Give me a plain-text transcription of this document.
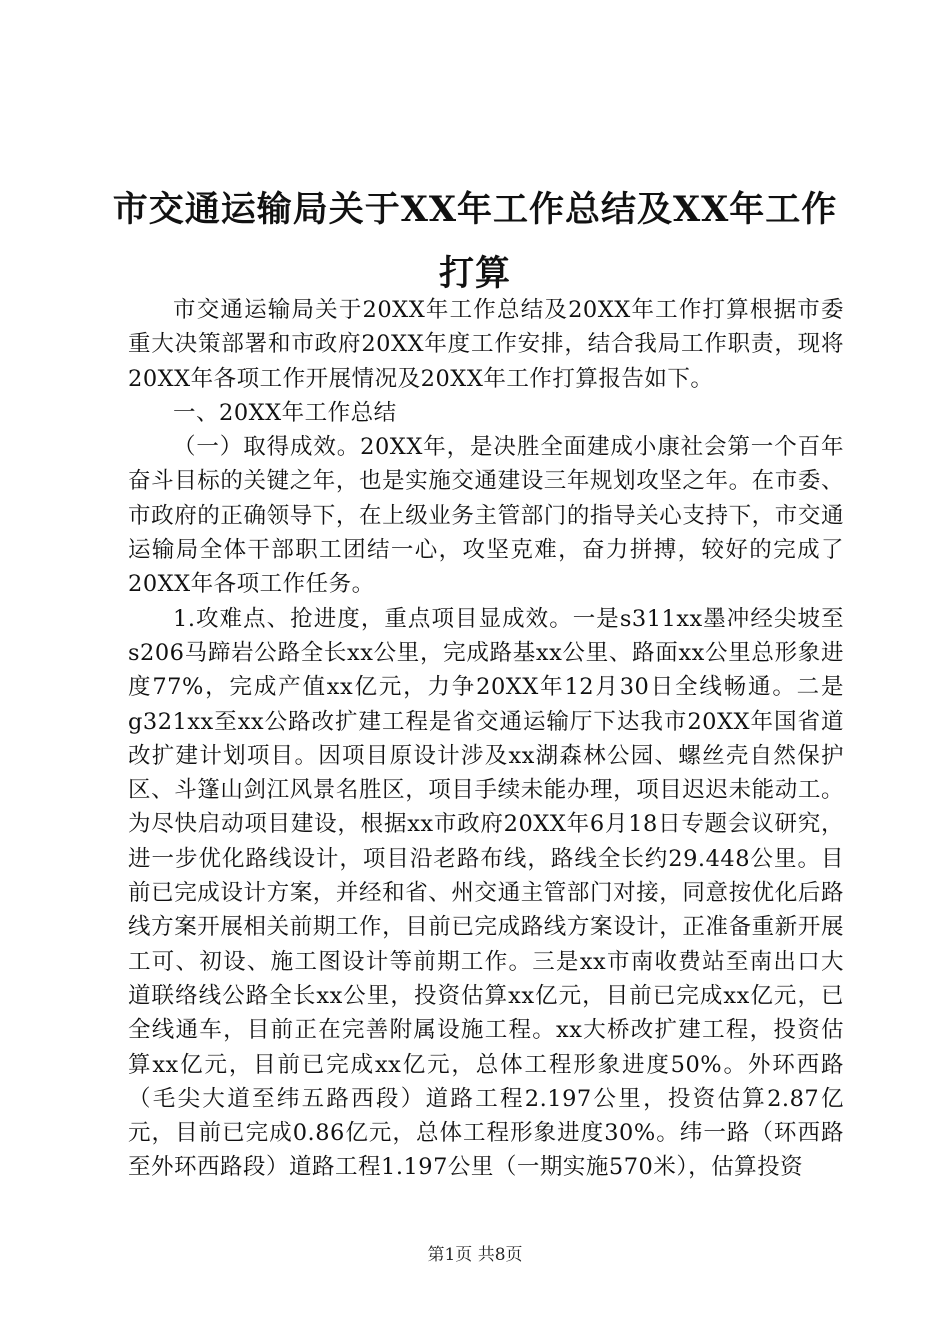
市交通运输局关于XX年工作总结及XX年工作打算

市交通运输局关于20XX年工作总结及20XX年工作打算根据市委重大决策部署和市政府20XX年度工作安排，结合我局工作职责，现将20XX年各项工作开展情况及20XX年工作打算报告如下。

一、20XX年工作总结

（一）取得成效。20XX年，是决胜全面建成小康社会第一个百年奋斗目标的关键之年，也是实施交通建设三年规划攻坚之年。在市委、市政府的正确领导下，在上级业务主管部门的指导关心支持下，市交通运输局全体干部职工团结一心，攻坚克难，奋力拼搏，较好的完成了20XX年各项工作任务。

1.攻难点、抢进度，重点项目显成效。一是s311xx墨冲经尖坡至s206马蹄岩公路全长xx公里，完成路基xx公里、路面xx公里总形象进度77%，完成产值xx亿元，力争20XX年12月30日全线畅通。二是g321xx至xx公路改扩建工程是省交通运输厅下达我市20XX年国省道改扩建计划项目。因项目原设计涉及xx湖森林公园、螺丝壳自然保护区、斗篷山剑江风景名胜区，项目手续未能办理，项目迟迟未能动工。为尽快启动项目建设，根据xx市政府20XX年6月18日专题会议研究，进一步优化路线设计，项目沿老路布线，路线全长约29.448公里。目前已完成设计方案，并经和省、州交通主管部门对接，同意按优化后路线方案开展相关前期工作，目前已完成路线方案设计，正准备重新开展工可、初设、施工图设计等前期工作。三是xx市南收费站至南出口大道联络线公路全长xx公里，投资估算xx亿元，目前已完成xx亿元，已全线通车，目前正在完善附属设施工程。xx大桥改扩建工程，投资估算xx亿元，目前已完成xx亿元，总体工程形象进度50%。外环西路（毛尖大道至纬五路西段）道路工程2.197公里，投资估算2.87亿元，目前已完成0.86亿元，总体工程形象进度30%。纬一路（环西路至外环西路段）道路工程1.197公里（一期实施570米），估算投资

第1页 共8页
